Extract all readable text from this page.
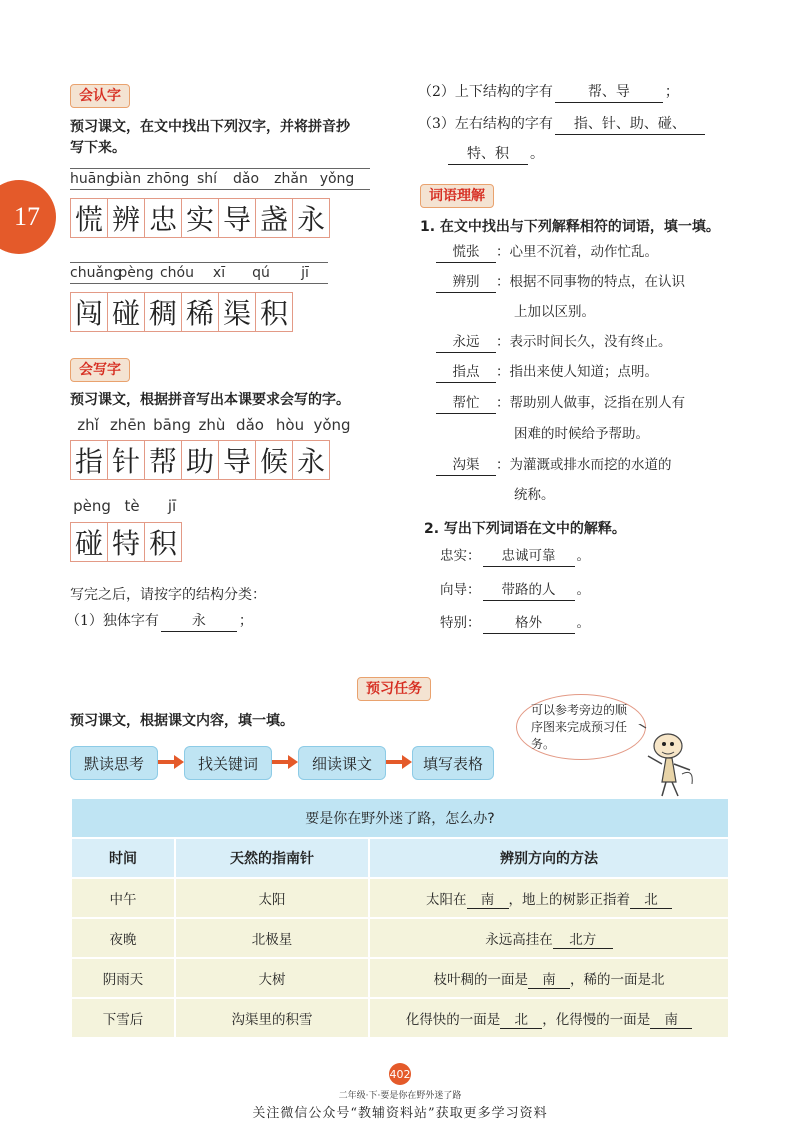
17
会认字
预习课文，在文中找出下列汉字，并将拼音抄
写下来。
huāng
biàn zhōng shí	dǎo	zhǎn yǒng
慌 辨 忠 实 导 盏 永
chuǎng
pèng chóu	xī	qú	jī
闯 碰 稠 稀 渠 积
会写字
预习课文，根据拼音写出本课要求会写的字。
zhǐ zhēn bāng zhù dǎo hòu yǒng
指 针 帮 助 导 候 永
pèng tè	jī
碰 特 积
写完之后，请按字的结构分类：
（1）独体字有 永 ；
（2）上下结构的字有	帮、导	；
（3）左右结构的字有 指、针、助、碰、
特、积 。
词语理解
1. 在文中找出与下列解释相符的词语，填一填。
慌张 ：心里不沉着，动作忙乱。
辨别 ：根据不同事物的特点，在认识
上加以区别。
永远 ：表示时间长久，没有终止。
指点 ：指出来使人知道；点明。
帮忙 ：帮助别人做事，泛指在别人有
困难的时候给予帮助。
沟渠 ：为灌溉或排水而挖的水道的
统称。
2. 写出下列词语在文中的解释。
忠实： 忠诚可靠 。
向导： 带路的人 。
特别：	格外	。
预习任务
预习课文，根据课文内容，填一填。
可以参考旁边的顺序图来完成预习任务。
默读思考	找关键词	细读课文	填写表格
要是你在野外迷了路，怎么办?		
时间	天然的指南针	辨别方向的方法
中午	太阳	太阳在 南 ，地上的树影正指着 北
夜晚	北极星	永远高挂在 北方
阴雨天	大树	枝叶稠的一面是 南 ，稀的一面是北
下雪后	沟渠里的积雪	化得快的一面是 北 ，化得慢的一面是 南
402
二年级·下·要是你在野外迷了路
关注微信公众号“教辅资料站”获取更多学习资料
